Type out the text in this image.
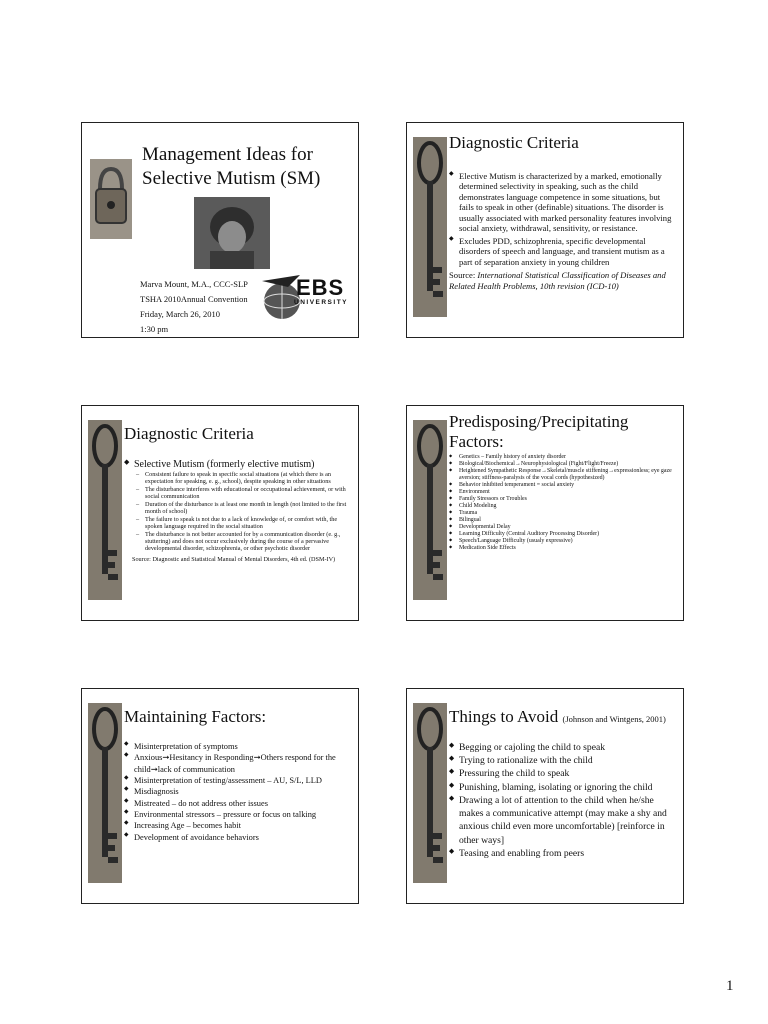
Management Ideas for Selective Mutism (SM)
Marva Mount, M.A., CCC-SLP
TSHA 2010Annual Convention
Friday, March 26, 2010
1:30 pm
EBS
UNIVERSITY
Diagnostic Criteria
◆ Elective Mutism is characterized by a marked, emotionally determined selectivity in speaking, such as the child demonstrates language competence in some situations, but fails to speak in other (definable) situations. The disorder is usually associated with marked personality features involving social anxiety, withdrawal, sensitivity, or resistance.
◆ Excludes PDD, schizophrenia, specific developmental disorders of speech and language, and transient mutism as a part of separation anxiety in young children
Source: International Statistical Classification of Diseases and Related Health Problems, 10th revision (ICD-10)
Diagnostic Criteria
◆ Selective Mutism (formerly elective mutism)
– Consistent failure to speak in specific social situations (at which there is an expectation for speaking, e. g., school), despite speaking in other situations
– The disturbance interferes with educational or occupational achievement, or with social communication
– Duration of the disturbance is at least one month in length (not limited to the first month of school)
– The failure to speak is not due to a lack of knowledge of, or comfort with, the spoken language required in the social situation
– The disturbance is not better accounted for by a communication disorder (e. g., stuttering) and does not occur exclusively during the course of a pervasive developmental disorder, schizophrenia, or other psychotic disorder
Source: Diagnostic and Statistical Manual of Mental Disorders, 4th ed. (DSM-IV)
Predisposing/Precipitating Factors:
◆ Genetics – Family history of anxiety disorder
◆ Biological/Biochemical→Neurophysiological (Fight/Flight/Freeze)
◆ Heightened Sympathetic Response→Skeletal/muscle stiffening→expressionless; eye gaze aversion; stiffness-paralysis of the vocal cords (hypothesized)
◆ Behavior inhibited temperament = social anxiety
◆ Environment
◆ Family Stressors or Troubles
◆ Child Modeling
◆ Trauma
◆ Bilingual
◆ Developmental Delay
◆ Learning Difficulty (Central Auditory Processing Disorder)
◆ Speech/Language Difficulty (usualy expressive)
◆ Medication Side Effects
Maintaining Factors:
◆ Misinterpretation of symptoms
◆ Anxious➞Hesitancy in Responding➞Others respond for the child➞lack of communication
◆ Misinterpretation of testing/assessment – AU, S/L, LLD
◆ Misdiagnosis
◆ Mistreated – do not address other issues
◆ Environmental stressors – pressure or focus on talking
◆ Increasing Age – becomes habit
◆ Development of avoidance behaviors
Things to Avoid (Johnson and Wintgens, 2001)
◆ Begging or cajoling the child to speak
◆ Trying to rationalize with the child
◆ Pressuring the child to speak
◆ Punishing, blaming, isolating or ignoring the child
◆ Drawing a lot of attention to the child when he/she makes a communicative attempt (may make a shy and anxious child even more uncomfortable) [reinforce in other ways]
◆ Teasing and enabling from peers
1
